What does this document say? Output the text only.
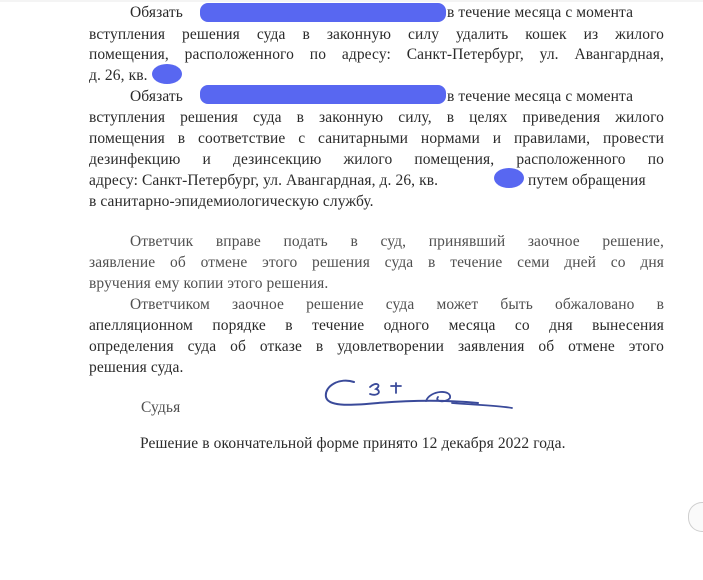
Обязать	в течение месяца с момента
вступления решения суда в законную силу удалить кошек из жилого
помещения, расположенного по адресу: Санкт-Петербург, ул. Авангардная,
д. 26, кв.
Обязать	в течение месяца с момента
вступления решения суда в законную силу, в целях приведения жилого
помещения в соответствие с санитарными нормами и правилами, провести
дезинфекцию и дезинсекцию жилого помещения, расположенного по
адресу: Санкт-Петербург, ул. Авангардная, д. 26, кв.	путем обращения
в санитарно-эпидемиологическую службу.
Ответчик вправе подать в суд, принявший заочное решение,
заявление об отмене этого решения суда в течение семи дней со дня
вручения ему копии этого решения.
Ответчиком заочное решение суда может быть обжаловано в
апелляционном порядке в течение одного месяца со дня вынесения
определения суда об отказе в удовлетворении заявления об отмене этого
решения суда.
Судья
Решение в окончательной форме принято 12 декабря 2022 года.
